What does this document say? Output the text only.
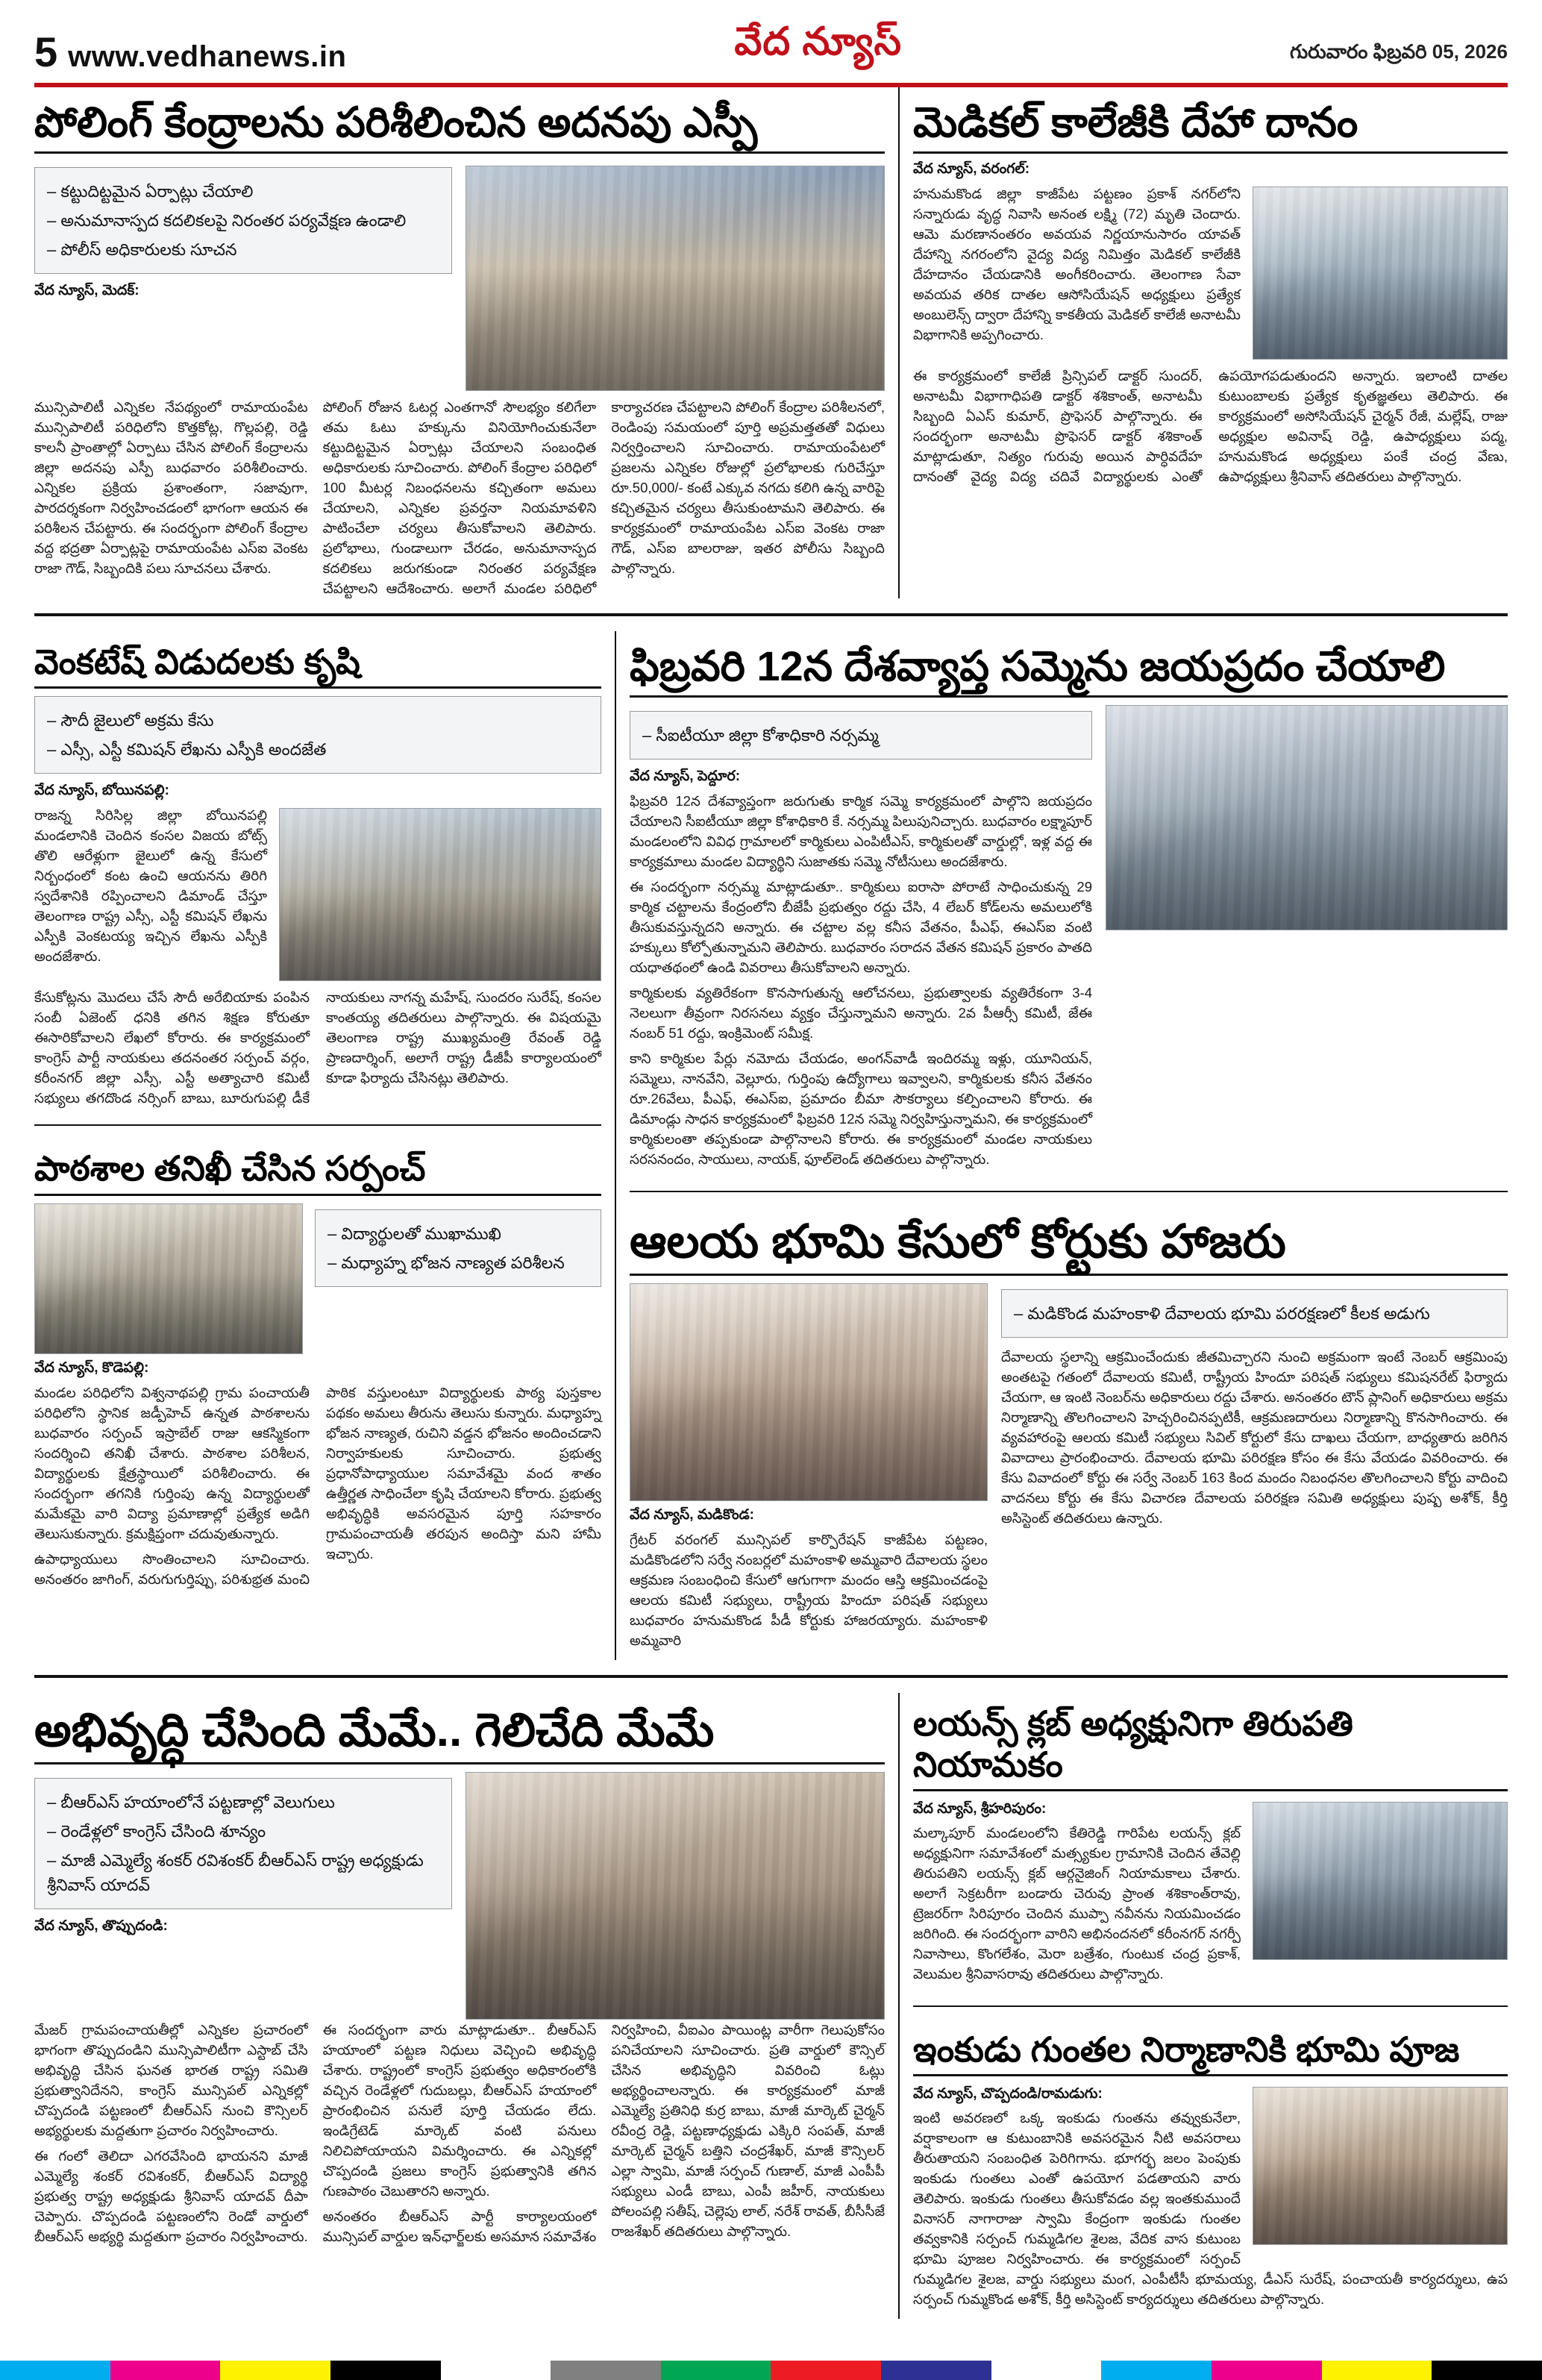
5 www.vedhanews.in	వేద న్యూస్	గురువారం ఫిబ్రవరి 05, 2026
పోలింగ్ కేంద్రాలను పరిశీలించిన అదనపు ఎస్పీ
– కట్టుదిట్టమైన ఏర్పాట్లు చేయాలి
– అనుమానాస్పద కదలికలపై నిరంతర పర్యవేక్షణ ఉండాలి
– పోలీస్ అధికారులకు సూచన
వేద న్యూస్, మెదక్:

మున్సిపాలిటీ ఎన్నికల నేపథ్యంలో రామాయంపేట మున్సిపాలిటీ పరిధిలోని కొత్తకోట్ల, గొల్లపల్లి, రెడ్డి కాలనీ ప్రాంతాల్లో ఏర్పాటు చేసిన పోలింగ్ కేంద్రాలను జిల్లా అదనపు ఎస్పీ బుధవారం పరిశీలించారు. ఎన్నికల ప్రక్రియ ప్రశాంతంగా, సజావుగా, పారదర్శకంగా నిర్వహించడంలో భాగంగా ఆయన ఈ పరిశీలన చేపట్టారు. ఈ సందర్భంగా పోలింగ్ కేంద్రాల వద్ద భద్రతా ఏర్పాట్లపై రామాయంపేట ఎస్ఐ వెంకట రాజా గౌడ్, సిబ్బందికి పలు సూచనలు చేశారు.

పోలింగ్ రోజున ఓటర్ల ఎంతగానో సౌలభ్యం కలిగేలా తమ ఓటు హక్కును వినియోగించుకునేలా కట్టుదిట్టమైన ఏర్పాట్లు చేయాలని సంబంధిత అధికారులకు సూచించారు. పోలింగ్ కేంద్రాల పరిధిలో 100 మీటర్ల నిబంధనలను కచ్చితంగా అమలు చేయాలని, ఎన్నికల ప్రవర్తనా నియమావళిని పాటించేలా చర్యలు తీసుకోవాలని తెలిపారు. ప్రలోభాలు, గుండాలుగా చేరడం, అనుమానాస్పద కదలికలు జరుగకుండా నిరంతర పర్యవేక్షణ చేపట్టాలని ఆదేశించారు. అలాగే మండల పరిధిలో కార్యాచరణ చేపట్టాలని పోలింగ్ కేంద్రాల పరిశీలనలో, రెండింపు సమయంలో పూర్తి అప్రమత్తతతో విధులు నిర్వర్తించాలని సూచించారు. రామాయంపేటలో ప్రజలను ఎన్నికల రోజుల్లో ప్రలోభాలకు గురిచేస్తూ రూ.50,000/- కంటే ఎక్కువ నగదు కలిగి ఉన్న వారిపై కచ్చితమైన చర్యలు తీసుకుంటామని తెలిపారు. ఈ కార్యక్రమంలో రామాయంపేట ఎస్ఐ వెంకట రాజా గౌడ్, ఎస్ఐ బాలరాజు, ఇతర పోలీసు సిబ్బంది పాల్గొన్నారు.

మెడికల్ కాలేజీకి దేహా దానం
వేద న్యూస్, వరంగల్:

హనుమకొండ జిల్లా కాజీపేట పట్టణం ప్రకాశ్ నగర్‌లోని సన్నారుడు వృద్ధ నివాసి అనంత లక్ష్మి (72) మృతి చెందారు. ఆమె మరణానంతరం అవయవ నిర్ణయానుసారం యావత్ దేహాన్ని నగరంలోని వైద్య విద్య నిమిత్తం మెడికల్ కాలేజీకి దేహదానం చేయడానికి అంగీకరించారు. తెలంగాణ సేవా అవయవ తరిక దాతల ఆసోసియేషన్ అధ్యక్షులు ప్రత్యేక అంబులెన్స్ ద్వారా దేహాన్ని కాకతీయ మెడికల్ కాలేజీ అనాటమీ విభాగానికి అప్పగించారు.

ఈ కార్యక్రమంలో కాలేజీ ప్రిన్సిపల్ డాక్టర్ సుందర్, అనాటమీ విభాగాధిపతి డాక్టర్ శశికాంత్, అనాటమీ సిబ్బంది ఏఎస్ కుమార్, ప్రొఫెసర్ పాల్గొన్నారు. ఈ సందర్భంగా అనాటమీ ప్రొఫెసర్ డాక్టర్ శశికాంత్ మాట్లాడుతూ, నిత్యం గురువు అయిన పార్ధివదేహ దానంతో వైద్య విద్య చదివే విద్యార్థులకు ఎంతో ఉపయోగపడుతుందని అన్నారు. ఇలాంటి దాతల కుటుంబాలకు ప్రత్యేక కృతజ్ఞతలు తెలిపారు. ఈ కార్యక్రమంలో అసోసియేషన్ చైర్మన్ రేజీ, మల్లేష్, రాజు అధ్యక్షుల అవినాష్ రెడ్డి, ఉపాధ్యక్షులు పద్మ, హనుమకొండ అధ్యక్షులు పంకే చంద్ర వేణు, ఉపాధ్యక్షులు శ్రీనివాస్ తదితరులు పాల్గొన్నారు.

వెంకటేష్ విడుదలకు కృషి
– సౌదీ జైలులో అక్రమ కేసు
– ఎస్సీ, ఎస్టీ కమిషన్ లేఖను ఎస్పీకి అందజేత
వేద న్యూస్, బోయినపల్లి:

రాజన్న సిరిసిల్ల జిల్లా బోయినపల్లి మండలానికి చెందిన కంసల విజయ బోట్స్ తొలి ఆరేళ్లుగా జైలులో ఉన్న కేసులో నిర్బంధంలో కంట ఉంచి ఆయనను తిరిగి స్వదేశానికి రప్పించాలని డిమాండ్ చేస్తూ తెలంగాణ రాష్ట్ర ఎస్సీ, ఎస్టీ కమిషన్ లేఖను ఎస్పీకి వెంకటయ్య ఇచ్చిన లేఖను ఎస్పీకి అందజేశారు.

కేసుకోట్లను మొదలు చేసే సౌదీ అరేబియాకు పంపిన సంబీ ఏజెంట్ ధనికి తగిన శిక్షణ కోరుతూ ఈసారికోవాలని లేఖలో కోరారు. ఈ కార్యక్రమంలో కాంగ్రెస్ పార్టీ నాయకులు తదనంతర సర్పంచ్ వర్గం, కరీంనగర్ జిల్లా ఎస్సీ, ఎస్టీ అత్యాచారి కమిటీ సభ్యులు తగదొండ నర్సింగ్ బాబు, బూరుగుపల్లి డీకే నాయకులు నాగన్న మహేష్, సుందరం సురేష్, కంసల కాంతయ్య తదితరులు పాల్గొన్నారు. ఈ విషయమై తెలంగాణ రాష్ట్ర ముఖ్యమంత్రి రేవంత్ రెడ్డి ప్రాణదార్శింగ్, అలాగే రాష్ట్ర డీజీపీ కార్యాలయంలో కూడా ఫిర్యాదు చేసినట్లు తెలిపారు.

పాఠశాల తనిఖీ చేసిన సర్పంచ్
వేద న్యూస్, కొడెపల్లి:
– విద్యార్థులతో ముఖాముఖి
– మధ్యాహ్న భోజన నాణ్యత పరిశీలన

మండల పరిధిలోని విశ్వనాథపల్లి గ్రామ పంచాయతీ పరిధిలోని స్థానిక జడ్పీహెచ్ ఉన్నత పాఠశాలను బుధవారం సర్పంచ్ ఇస్రాబేల్ రాజు ఆకస్మికంగా సందర్శించి తనిఖీ చేశారు. పాఠశాల పరిశీలన, విద్యార్థులకు క్షేత్రస్థాయిలో పరిశీలించారు. ఈ సందర్భంగా తగనికి గుర్తింపు ఉన్న విద్యార్థులతో మమేకమై వారి విద్యా ప్రమాణాల్లో ప్రత్యేక అడిగి తెలుసుకున్నారు. క్రమక్షిప్తంగా చదువుతున్నారు.

ఉపాధ్యాయులు సొంతించాలని సూచించారు. అనంతరం జాగింగ్, వరుగుగుర్తిప్పు, పరిశుభ్రత మంచి పాఠిక వస్తులంటూ విద్యార్థులకు పాఠ్య పుస్తకాల పథకం అమలు తీరును తెలుసు కున్నారు. మధ్యాహ్న భోజన నాణ్యత, రుచిని వడ్డన భోజనం అందించడాని నిర్వాహకులకు సూచించారు. ప్రభుత్వ ప్రధానోపాధ్యాయుల సమావేశమై వంద శాతం ఉత్తీర్ణత సాధించేలా కృషి చేయాలని కోరారు. ప్రభుత్వ అభివృద్ధికి అవసరమైన పూర్తి సహకారం గ్రామపంచాయతీ తరపున అందిస్తా మని హామీ ఇచ్చారు.

ఫిబ్రవరి 12న దేశవ్యాప్త సమ్మెను జయప్రదం చేయాలి
– సీఐటీయూ జిల్లా కోశాధికారి నర్సమ్మ
వేద న్యూస్, పెద్దూర:

ఫిబ్రవరి 12న దేశవ్యాప్తంగా జరుగుతు కార్మిక సమ్మె కార్యక్రమంలో పాల్గొని జయప్రదం చేయాలని సీఐటీయూ జిల్లా కోశాధికారి కే. నర్సమ్మ పిలుపునిచ్చారు. బుధవారం లక్ష్మాపూర్ మండలంలోని వివిధ గ్రామాలలో కార్మికులు ఎంపిటీఎస్, కార్మికులతో వార్డుల్లో, ఇళ్ల వద్ద ఈ కార్యక్రమాలు మండల విద్యార్థిని సుజాతకు సమ్మె నోటీసులు అందజేశారు.

ఈ సందర్భంగా నర్సమ్మ మాట్లాడుతూ.. కార్మికులు ఐరాసా పోరాటే సాధించుకున్న 29 కార్మిక చట్టాలను కేంద్రంలోని బీజేపీ ప్రభుత్వం రద్దు చేసి, 4 లేబర్ కోడ్‌లను అమలులోకి తీసుకువస్తున్నదని అన్నారు. ఈ చట్టాల వల్ల కనీస వేతనం, పీఎఫ్, ఈఎస్ఐ వంటి హక్కులు కోల్పోతున్నామని తెలిపారు. బుధవారం సరాదన వేతన కమిషన్ ప్రకారం పాతది యధాతథంలో ఉండి వివరాలు తీసుకోవాలని అన్నారు.

కార్మికులకు వ్యతిరేకంగా కొనసాగుతున్న ఆలోచనలు, ప్రభుత్వాలకు వ్యతిరేకంగా 3-4 నెలలుగా తీవ్రంగా నిరసనలు వ్యక్తం చేస్తున్నామని అన్నారు. 2వ పీఆర్సీ కమిటీ, జేఈ నంబర్ 51 రద్దు, ఇంక్రిమెంట్ సమీక్ష.

కాని కార్మికుల పేర్లు నమోదు చేయడం, అంగన్‌వాడీ ఇందిరమ్మ ఇళ్లు, యూనియన్, సమ్మెలు, నానవేని, వెల్లూరు, గుర్తింపు ఉద్యోగాలు ఇవ్వాలని, కార్మికులకు కనీస వేతనం రూ.26వేలు, పీఎఫ్, ఈఎస్ఐ, ప్రమాదం బీమా సౌకర్యాలు కల్పించాలని కోరారు. ఈ డిమాండ్లు సాధన కార్యక్రమంలో ఫిబ్రవరి 12న సమ్మె నిర్వహిస్తున్నామని, ఈ కార్యక్రమంలో కార్మికులంతా తప్పకుండా పాల్గొనాలని కోరారు. ఈ కార్యక్రమంలో మండల నాయకులు సరసనందం, సాయులు, నాయక్, ఫూల్‌లెండ్ తదితరులు పాల్గొన్నారు.

ఆలయ భూమి కేసులో కోర్టుకు హాజరు
వేద న్యూస్, మడికొండ:

గ్రేటర్ వరంగల్ మున్సిపల్ కార్పొరేషన్ కాజీపేట పట్టణం, మడికొండలోని సర్వే నంబర్లలో మహంకాళి అమ్మవారి దేవాలయ స్థలం ఆక్రమణ సంబంధించి కేసులో ఆగుగాగా మందం ఆస్తి ఆక్రమించడంపై ఆలయ కమిటీ సభ్యులు, రాష్ట్రీయ హిందూ పరిషత్ సభ్యులు బుధవారం హనుమకొండ పీడీ కోర్టుకు హాజరయ్యారు. మహంకాళి అమ్మవారి

– మడికొండ మహంకాళి దేవాలయ భూమి పరరక్షణలో కీలక అడుగు

దేవాలయ స్థలాన్ని ఆక్రమించేందుకు జీతమిచ్చారని నుంచి అక్రమంగా ఇంటే నెంబర్ ఆక్రమింపు అంతటపై గతంలో దేవాలయ కమిటీ, రాష్ట్రీయ హిందూ పరిషత్ సభ్యులు కమిషనరేట్ ఫిర్యాదు చేయగా, ఆ ఇంటి నెంబర్‌ను అధికారులు రద్దు చేశారు. అనంతరం టౌన్ ప్లానింగ్ అధికారులు అక్రమ నిర్మాణాన్ని తొలగించాలని హెచ్చరించినప్పటికీ, ఆక్రమణదారులు నిర్మాణాన్ని కొనసాగించారు. ఈ వ్యవహారంపై ఆలయ కమిటీ సభ్యులు సివిల్ కోర్టులో కేసు దాఖలు చేయగా, బాధ్యతారు జరిగిన వివాదాలు ప్రారంభించారు. దేవాలయ భూమి పరిరక్షణ కోసం ఈ కేసు వేయడం వివరించారు. ఈ కేసు వివాదంలో కోర్టు ఈ సర్వే నెంబర్ 163 కింద మందం నిబంధనల తొలగించాలని కోర్టు వాదించి వాదనలు కోర్టు ఈ కేసు విచారణ దేవాలయ పరిరక్షణ సమితి అధ్యక్షులు పుష్ప అశోక్, కీర్తి అసిస్టెంట్ తదితరులు ఉన్నారు.

అభివృద్ధి చేసింది మేమే.. గెలిచేది మేమే
– బీఆర్ఎస్ హయాంలోనే పట్టణాల్లో వెలుగులు
– రెండేళ్లలో కాంగ్రెస్ చేసింది శూన్యం
– మాజీ ఎమ్మెల్యే శంకర్ రవిశంకర్ బీఆర్ఎస్ రాష్ట్ర అధ్యక్షుడు శ్రీనివాస్ యాదవ్
వేద న్యూస్, తొప్పుదండి:

మేజర్ గ్రామపంచాయతీల్లో ఎన్నికల ప్రచారంలో భాగంగా తొప్పుదండిని మున్సిపాలిటీగా ఎస్టాబ్ చేసి అభివృద్ధి చేసిన ఘనత భారత రాష్ట్ర సమితి ప్రభుత్వానిదేనని, కాంగ్రెస్ మున్సిపల్ ఎన్నికల్లో చొప్పదండి పట్టణంలో బీఆర్ఎస్ నుంచి కౌన్సిలర్ అభ్యర్థులకు మద్దతుగా ప్రచారం నిర్వహించారు.

ఈ గంలో తెలిదా ఎగరవేసింది భాయనని మాజీ ఎమ్మెల్యే శంకర్ రవిశంకర్, బీఆర్ఎస్ విద్యార్థి ప్రభుత్వ రాష్ట్ర అధ్యక్షుడు శ్రీనివాస్ యాదవ్ దీపా చెప్పారు. చొప్పదండి పట్టణంలోని రెండో వార్డులో బీఆర్ఎస్ అభ్యర్థి మద్దతుగా ప్రచారం నిర్వహించారు. ఈ సందర్భంగా వారు మాట్లాడుతూ.. బీఆర్ఎస్ హయాంలో పట్టణ నిధులు వెచ్చించి అభివృద్ధి చేశారు. రాష్ట్రంలో కాంగ్రెస్ ప్రభుత్వం అధికారంలోకి వచ్చిన రెండేళ్లలో గుదుబల్లు, బీఆర్ఎస్ హయాంలో ప్రారంభించిన పనులే పూర్తి చేయడం లేదు. ఇండిగ్రేటెడ్ మార్కెట్ వంటి పనులు నిలిచిపోయాయని విమర్శించారు. ఈ ఎన్నికల్లో చొప్పదండి ప్రజలు కాంగ్రెస్ ప్రభుత్వానికి తగిన గుణపాఠం చెబుతారని అన్నారు.

అనంతరం బీఆర్ఎస్ పార్టీ కార్యాలయంలో మున్సిపల్ వార్డుల ఇన్‌ఛార్జ్‌లకు అసమాన సమావేశం నిర్వహించి, వీఐఎం పాయింట్ల వారీగా గెలుపుకోసం పనిచేయాలని సూచించారు. ప్రతి వార్డులో కౌన్సిల్ చేసిన అభివృద్ధిని వివరించి ఓట్లు అభ్యర్థించాలన్నారు. ఈ కార్యక్రమంలో మాజీ ఎమ్మెల్యే ప్రతినిధి కుర్ర బాబు, మాజీ మార్కెట్ చైర్మన్ రవీంద్ర రెడ్డి, పట్టణాధ్యక్షుడు ఎక్కిరి సంపత్, మాజీ మార్కెట్ చైర్మన్ బత్తిని చంద్రశేఖర్, మాజీ కౌన్సిలర్ ఎల్లా స్వామి, మాజీ సర్పంచ్ గుణాల్, మాజీ ఎంపీపీ సభ్యులు ఎండీ బాబు, ఎంపీ జహీర్, నాయకులు పోలంపల్లి సతీష్, చెల్లెపు లాల్, నరేశ్ రావత్, బీసీసీజే రాజశేఖర్ తదితరులు పాల్గొన్నారు.

లయన్స్ క్లబ్ అధ్యక్షునిగా తిరుపతి నియామకం
వేద న్యూస్, శ్రీహరిపురం:

మల్కాపూర్ మండలంలోని కేతిరెడ్డి గారిపేట లయన్స్ క్లబ్ అధ్యక్షునిగా సమావేశంలో మత్స్యకుల గ్రామానికి చెందిన తేవెల్లి తిరుపతిని లయన్స్ క్లబ్ ఆర్గనైజింగ్ నియామకాలు చేశారు. అలాగే సెక్రటరీగా బండారు చెరువు ప్రాంత శశికాంత్‌రావు, ట్రెజరర్‌గా సిరిపూరం చెందిన ముప్పా నవీనను నియమించడం జరిగింది. ఈ సందర్భంగా వారిని అభినందనలో కరీంనగర్ నగర్పీ నివాసాలు, కొంగలేశం, మెరా బత్రేశం, గుంటుక చంద్ర ప్రకాశ్, వెలుమల శ్రీనివాసరావు తదితరులు పాల్గొన్నారు.

ఇంకుడు గుంతల నిర్మాణానికి భూమి పూజ
వేద న్యూస్, చొప్పదండి/రామడుగు:

ఇంటి అవరణలో ఒక్క ఇంకుడు గుంతను తవ్వుకునేలా, వర్షాకాలంగా ఆ కుటుంబానికి అవసరమైన నీటి అవసరాలు తీరుతాయని సంబంధిత పెరిగిగాను. భూగర్భ జలం పెంపుకు ఇంకుడు గుంతలు ఎంతో ఉపయోగ పడతాయని వారు తెలిపారు. ఇంకుడు గుంతలు తీసుకోవడం వల్ల ఇంతకుముందే వినాసర్ నాగారాజు స్వామి కేంద్రంగా ఇంకుడు గుంతల తవ్వకానికి సర్పంచ్ గుమ్మడిగల శైలజ, వేదిక వాస కుటుంబ భూమి పూజల నిర్వహించారు. ఈ కార్యక్రమంలో సర్పంచ్ గుమ్మడిగల శైలజ, వార్డు సభ్యులు మంగ, ఎంపీటీసీ భూమయ్య, డీఎస్ సురేష్, పంచాయతీ కార్యదర్శులు, ఉప సర్పంచ్ గుమ్మకొండ అశోక్, కీర్తి అసిస్టెంట్ కార్యదర్శులు తదితరులు పాల్గొన్నారు.
